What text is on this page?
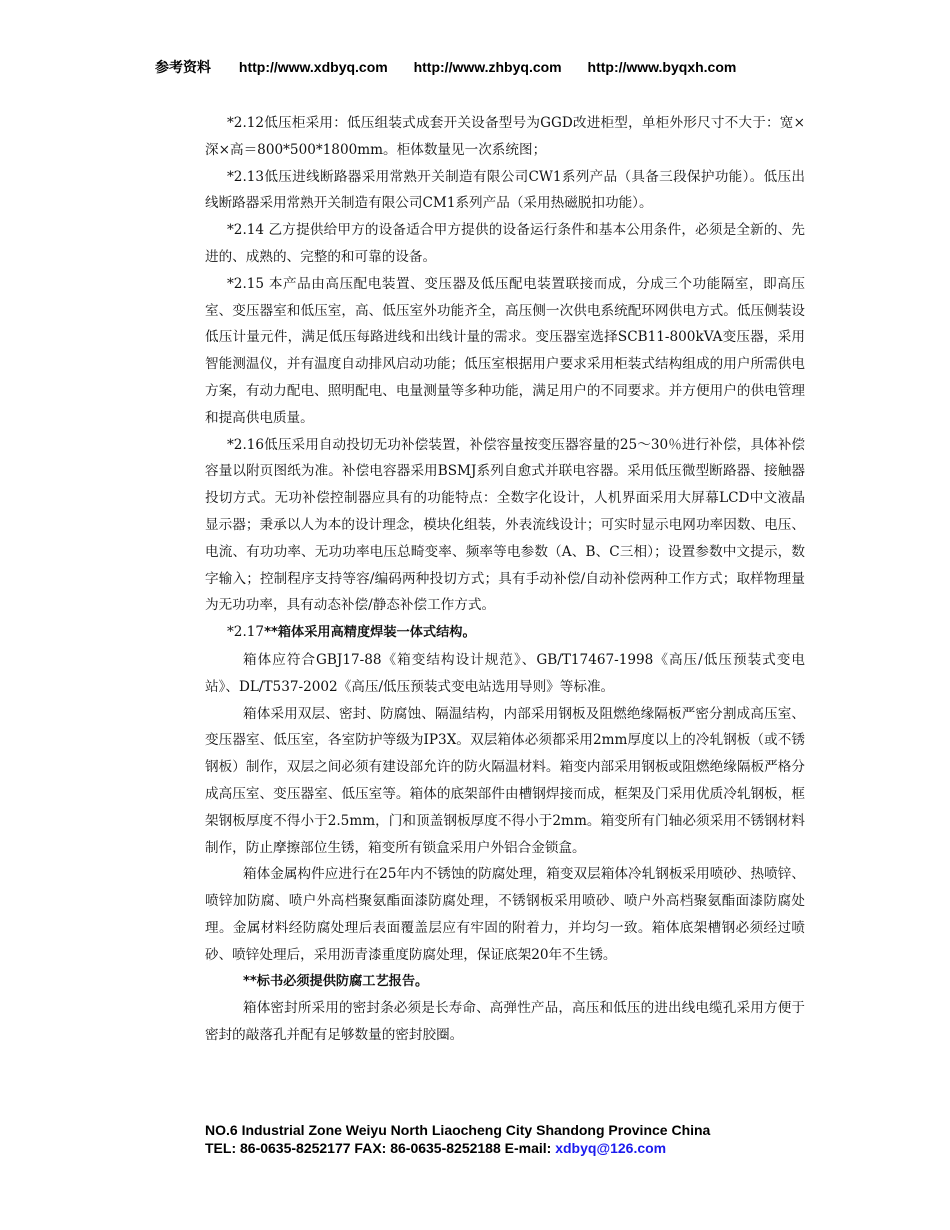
参考资料 http://www.xdbyq.com http://www.zhbyq.com http://www.byqxh.com

*2.12低压柜采用：低压组装式成套开关设备型号为GGD改进柜型，单柜外形尺寸不大于：宽×深×高＝800*500*1800mm。柜体数量见一次系统图；

*2.13低压进线断路器采用常熟开关制造有限公司CW1系列产品（具备三段保护功能）。低压出线断路器采用常熟开关制造有限公司CM1系列产品（采用热磁脱扣功能）。

*2.14 乙方提供给甲方的设备适合甲方提供的设备运行条件和基本公用条件，必须是全新的、先进的、成熟的、完整的和可靠的设备。

*2.15 本产品由高压配电装置、变压器及低压配电装置联接而成，分成三个功能隔室，即高压室、变压器室和低压室，高、低压室外功能齐全，高压侧一次供电系统配环网供电方式。低压侧装设低压计量元件，满足低压每路进线和出线计量的需求。变压器室选择SCB11-800kVA变压器，采用智能测温仪，并有温度自动排风启动功能；低压室根据用户要求采用柜装式结构组成的用户所需供电方案，有动力配电、照明配电、电量测量等多种功能，满足用户的不同要求。并方便用户的供电管理和提高供电质量。

*2.16低压采用自动投切无功补偿装置，补偿容量按变压器容量的25～30％进行补偿，具体补偿容量以附页图纸为准。补偿电容器采用BSMJ系列自愈式并联电容器。采用低压微型断路器、接触器投切方式。无功补偿控制器应具有的功能特点：全数字化设计，人机界面采用大屏幕LCD中文液晶显示器；秉承以人为本的设计理念，模块化组装，外表流线设计；可实时显示电网功率因数、电压、电流、有功功率、无功功率电压总畸变率、频率等电参数（A、B、C三相）；设置参数中文提示，数字输入；控制程序支持等容/编码两种投切方式；具有手动补偿/自动补偿两种工作方式；取样物理量为无功功率，具有动态补偿/静态补偿工作方式。

*2.17**箱体采用高精度焊装一体式结构。

箱体应符合GBJ17-88《箱变结构设计规范》、GB/T17467-1998《高压/低压预装式变电站》、DL/T537-2002《高压/低压预装式变电站选用导则》等标准。

箱体采用双层、密封、防腐蚀、隔温结构，内部采用钢板及阻燃绝缘隔板严密分割成高压室、变压器室、低压室，各室防护等级为IP3X。双层箱体必须都采用2mm厚度以上的冷轧钢板（或不锈钢板）制作，双层之间必须有建设部允许的防火隔温材料。箱变内部采用钢板或阻燃绝缘隔板严格分成高压室、变压器室、低压室等。箱体的底架部件由槽钢焊接而成，框架及门采用优质冷轧钢板，框架钢板厚度不得小于2.5mm，门和顶盖钢板厚度不得小于2mm。箱变所有门轴必须采用不锈钢材料制作，防止摩擦部位生锈，箱变所有锁盒采用户外铝合金锁盒。

箱体金属构件应进行在25年内不锈蚀的防腐处理，箱变双层箱体冷轧钢板采用喷砂、热喷锌、喷锌加防腐、喷户外高档聚氨酯面漆防腐处理，不锈钢板采用喷砂、喷户外高档聚氨酯面漆防腐处理。金属材料经防腐处理后表面覆盖层应有牢固的附着力，并均匀一致。箱体底架槽钢必须经过喷砂、喷锌处理后，采用沥青漆重度防腐处理，保证底架20年不生锈。

**标书必须提供防腐工艺报告。

箱体密封所采用的密封条必须是长寿命、高弹性产品，高压和低压的进出线电缆孔采用方便于密封的敲落孔并配有足够数量的密封胶圈。

NO.6 Industrial Zone Weiyu North Liaocheng City Shandong Province China
TEL: 86-0635-8252177 FAX: 86-0635-8252188 E-mail: xdbyq@126.com
